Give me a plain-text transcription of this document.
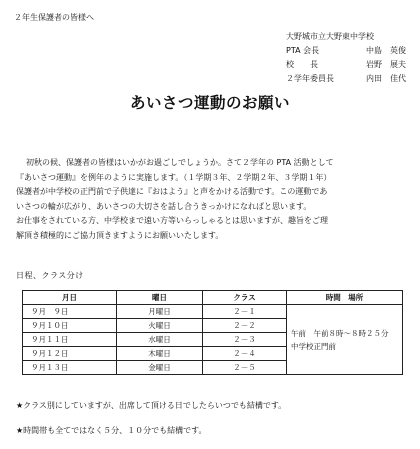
２年生保護者の皆様へ
大野城市立大野東中学校
PTA 会長	中島　英俊
校　　長	岩野　展夫
２学年委員長	内田　佳代
あいさつ運動のお願い
初秋の候、保護者の皆様はいかがお過ごしでしょうか。さて２学年の PTA 活動として
『あいさつ運動』を例年のように実施します。（１学期３年、２学期２年、３学期１年）
保護者が中学校の正門前で子供達に『おはよう』と声をかける活動です。この運動であ
いさつの輪が広がり、あいさつの大切さを話し合うきっかけになればと思います。
お仕事をされている方、中学校まで遠い方等いらっしゃるとは思いますが、趣旨をご理
解頂き積極的にご協力頂きますようにお願いいたします。
日程、クラス分け
月日	曜日	クラス	時間　場所
９月　９日	月曜日	２－１	午前　午前８時～８時２５分
中学校正門前

９月１０日	火曜日	２－２	
９月１１日	水曜日	２－３	
９月１２日	木曜日	２－４	
９月１３日	金曜日	２－５	
★クラス別にしていますが、出席して頂ける日でしたらいつでも結構です。
★時間帯も全てではなく５分、１０分でも結構です。
